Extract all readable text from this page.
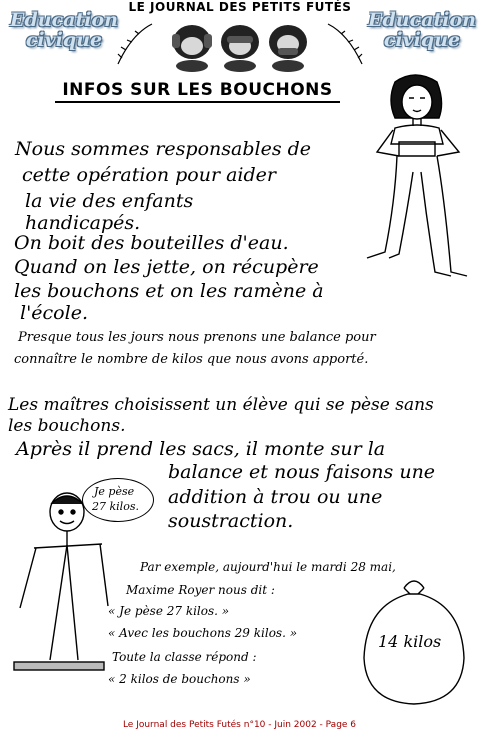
Education
civique
Education
civique
LE JOURNAL DES PETITS FUTÉS
INFOS SUR LES BOUCHONS
Nous sommes responsables de
cette opération pour aider
la vie des enfants
handicapés.
On boit des bouteilles d'eau.
Quand on les jette, on récupère
les bouchons et on les ramène à
l'école.
Presque tous les jours nous prenons une balance pour
connaître le nombre de kilos que nous avons apporté.
Les maîtres choisissent un élève qui se pèse sans
les bouchons.
Après il prend les sacs, il monte sur la
balance et nous faisons une
addition à trou ou une
soustraction.
Je pèse
27 kilos.
Par exemple, aujourd'hui le mardi 28 mai,
Maxime Royer nous dit :
« Je pèse 27 kilos. »
« Avec les bouchons 29 kilos. »
Toute la classe répond :
« 2 kilos de bouchons »
14 kilos
Le Journal des Petits Futés n°10 - Juin 2002 - Page 6
